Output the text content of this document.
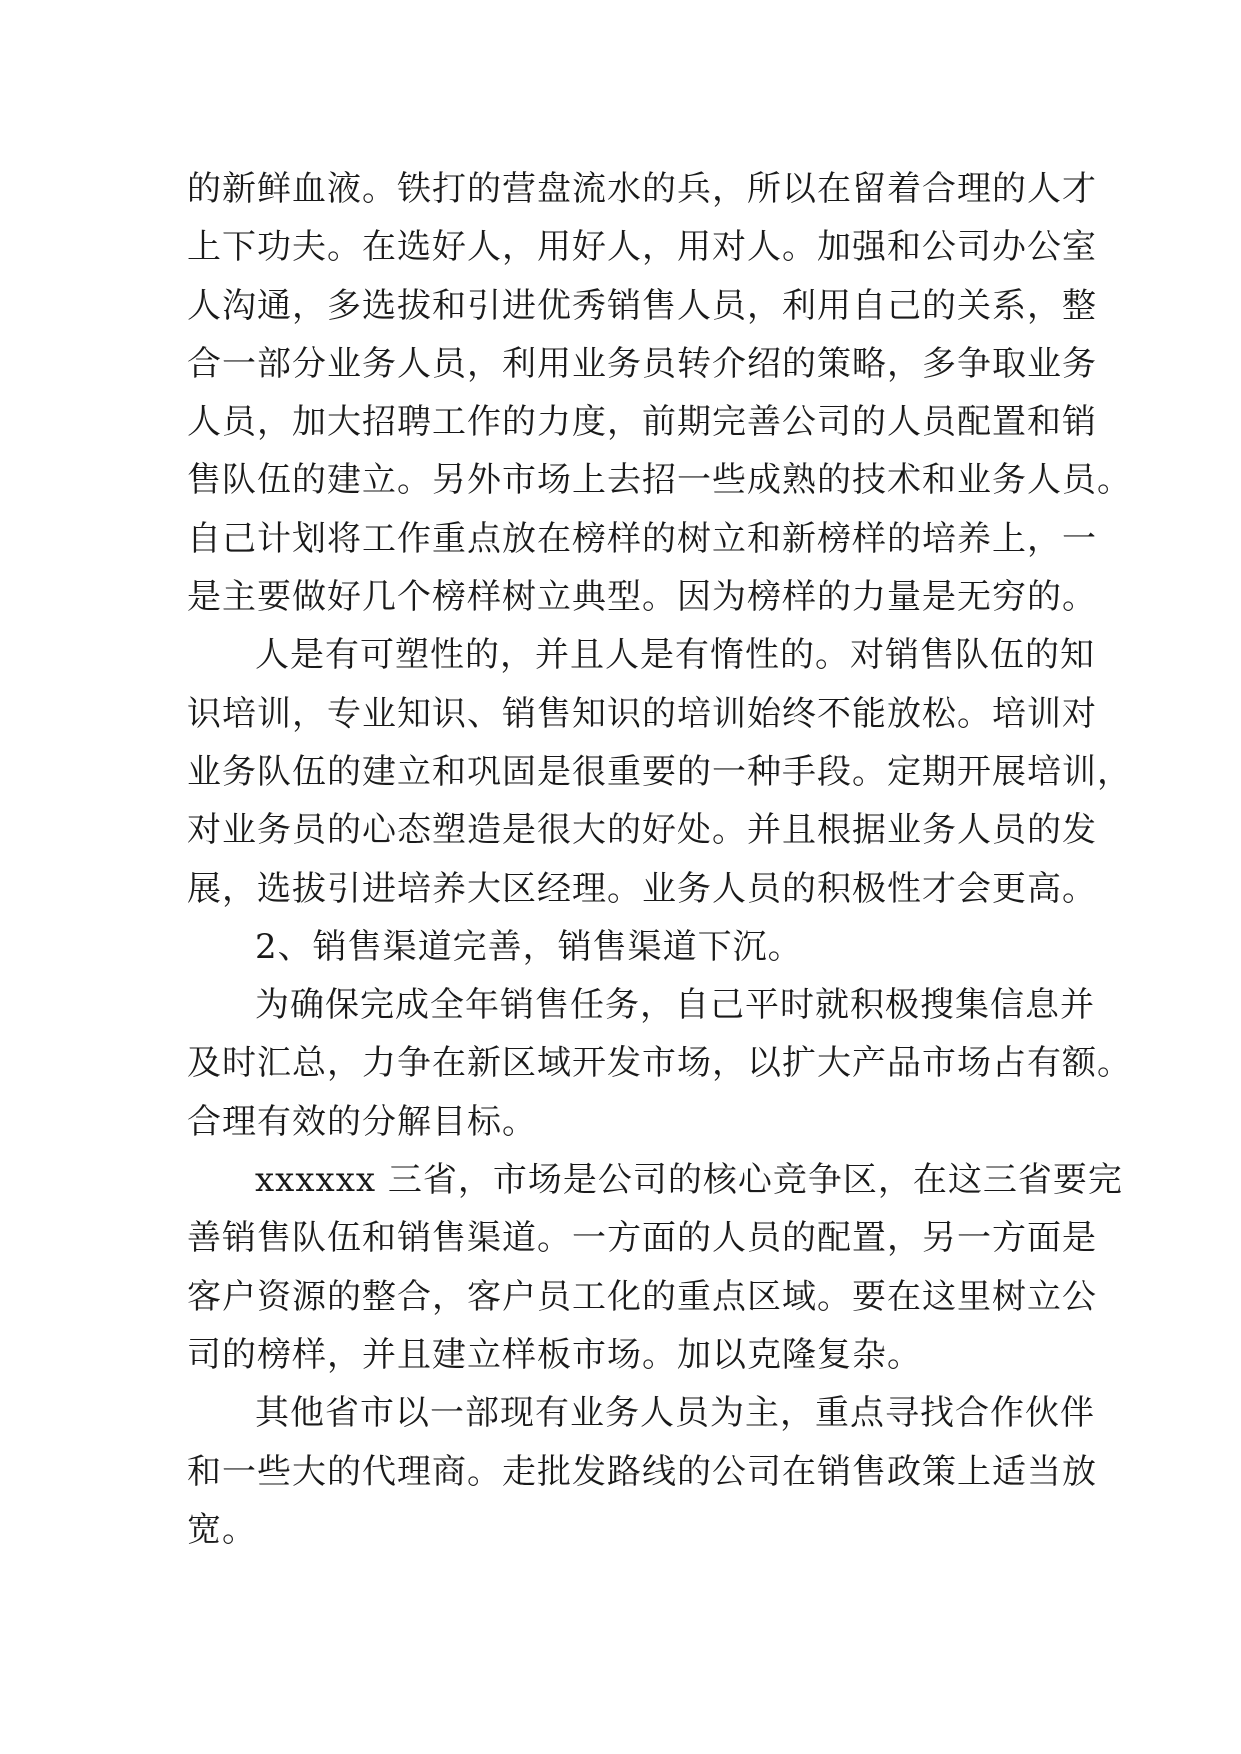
的新鲜血液。铁打的营盘流水的兵，所以在留着合理的人才
上下功夫。在选好人，用好人，用对人。加强和公司办公室
人沟通，多选拔和引进优秀销售人员，利用自己的关系，整
合一部分业务人员，利用业务员转介绍的策略，多争取业务
人员，加大招聘工作的力度，前期完善公司的人员配置和销
售队伍的建立。另外市场上去招一些成熟的技术和业务人员。
自己计划将工作重点放在榜样的树立和新榜样的培养上，一
是主要做好几个榜样树立典型。因为榜样的力量是无穷的。
人是有可塑性的，并且人是有惰性的。对销售队伍的知
识培训，专业知识、销售知识的培训始终不能放松。培训对
业务队伍的建立和巩固是很重要的一种手段。定期开展培训，
对业务员的心态塑造是很大的好处。并且根据业务人员的发
展，选拔引进培养大区经理。业务人员的积极性才会更高。
2、销售渠道完善，销售渠道下沉。
为确保完成全年销售任务，自己平时就积极搜集信息并
及时汇总，力争在新区域开发市场，以扩大产品市场占有额。
合理有效的分解目标。
xxxxxx 三省，市场是公司的核心竞争区，在这三省要完
善销售队伍和销售渠道。一方面的人员的配置，另一方面是
客户资源的整合，客户员工化的重点区域。要在这里树立公
司的榜样，并且建立样板市场。加以克隆复杂。
其他省市以一部现有业务人员为主，重点寻找合作伙伴
和一些大的代理商。走批发路线的公司在销售政策上适当放
宽。
